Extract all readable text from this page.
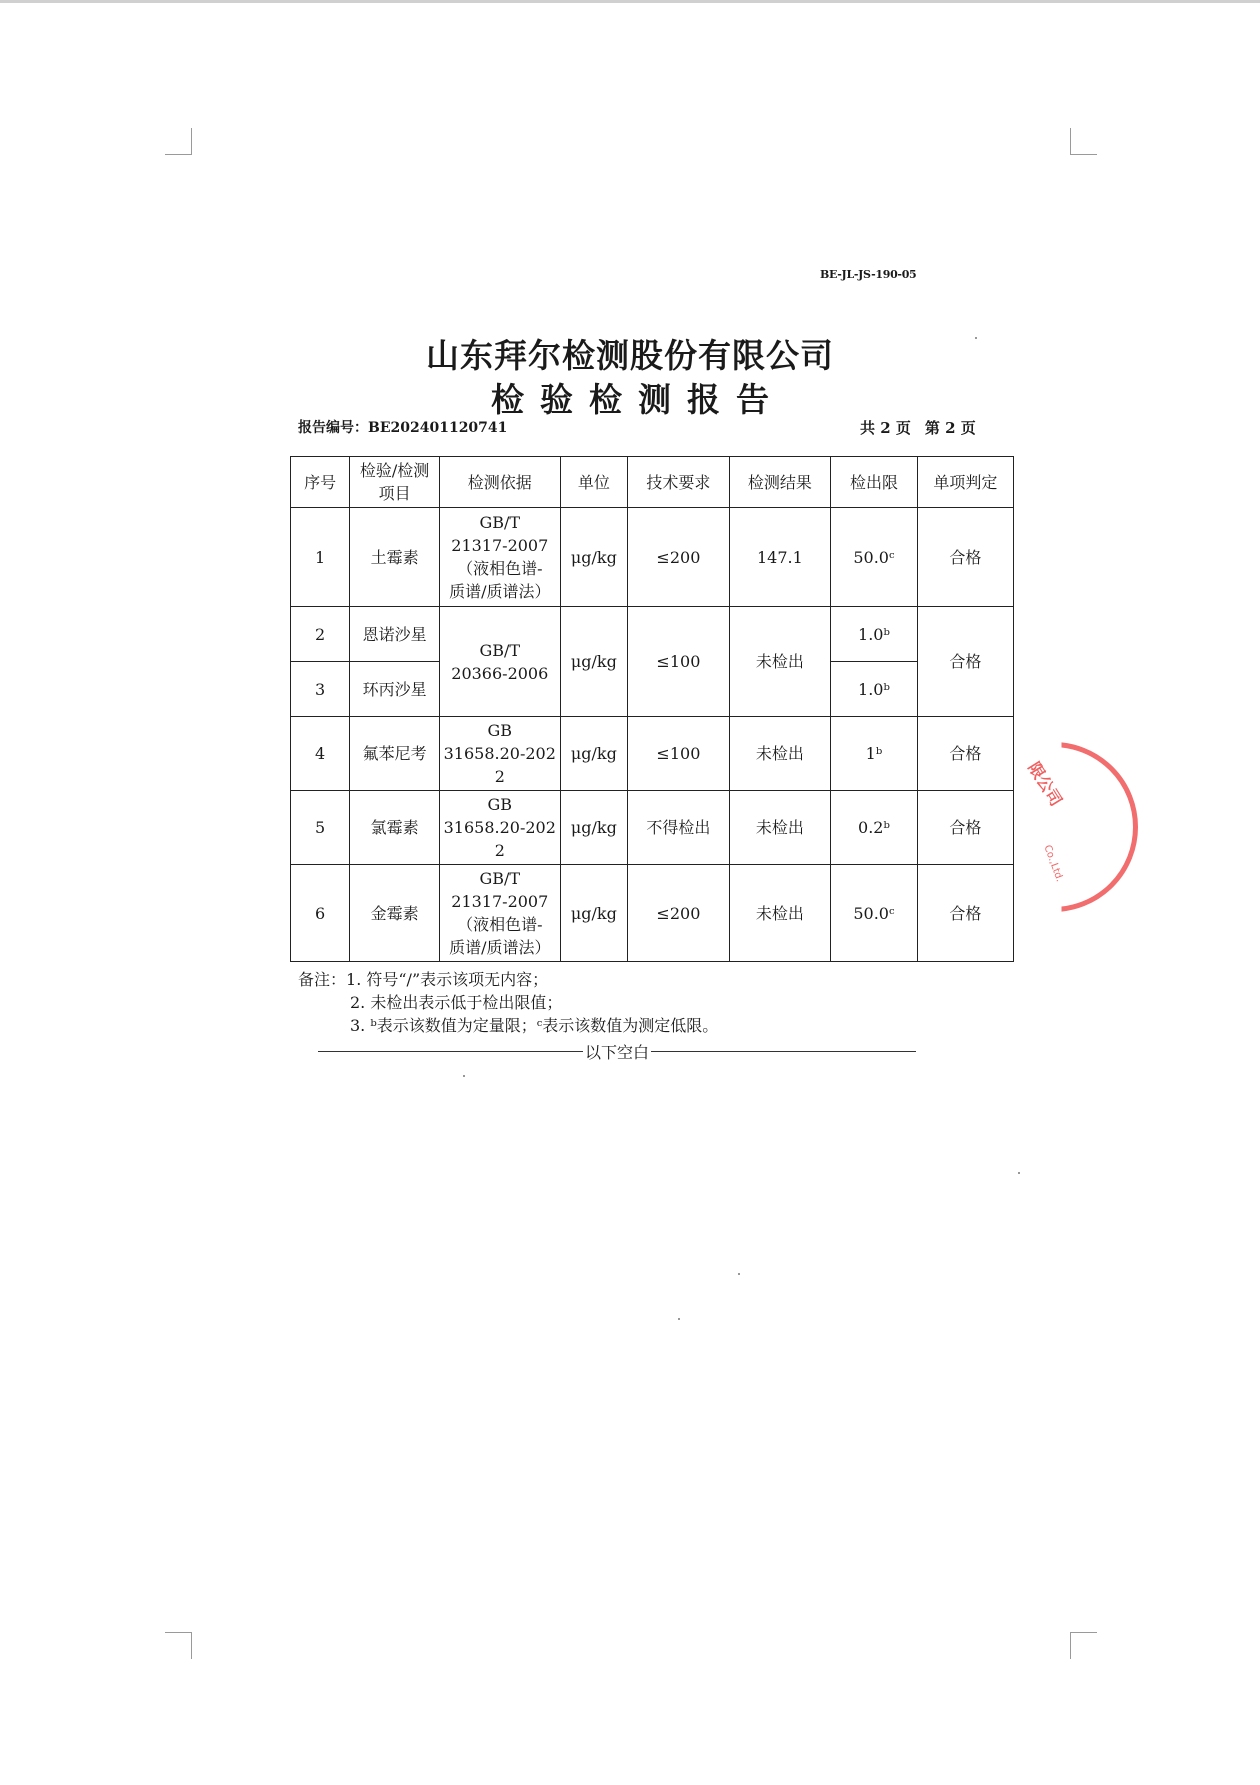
BE-JL-JS-190-05
山东拜尔检测股份有限公司
检验检测报告
报告编号：BE202401120741	共 2 页 第 2 页
序号	检验/检测项目	检测依据	单位	技术要求	检测结果	检出限	单项判定
1	土霉素	GB/T
21317-2007
（液相色谱-
质谱/质谱法）	μg/kg	≤200	147.1	50.0ᶜ	合格
2	恩诺沙星	GB/T
20366-2006	μg/kg	≤100	未检出	1.0ᵇ	合格
3	环丙沙星					1.0ᵇ	
4	氟苯尼考	GB
31658.20-202
2	μg/kg	≤100	未检出	1ᵇ	合格
5	氯霉素	GB
31658.20-202
2	μg/kg	不得检出	未检出	0.2ᵇ	合格
6	金霉素	GB/T
21317-2007
（液相色谱-
质谱/质谱法）	μg/kg	≤200	未检出	50.0ᶜ	合格
限公司
Co.,Ltd.
备注：1. 符号“/”表示该项无内容；
2. 未检出表示低于检出限值；
3. ᵇ表示该数值为定量限；ᶜ表示该数值为测定低限。
以下空白
